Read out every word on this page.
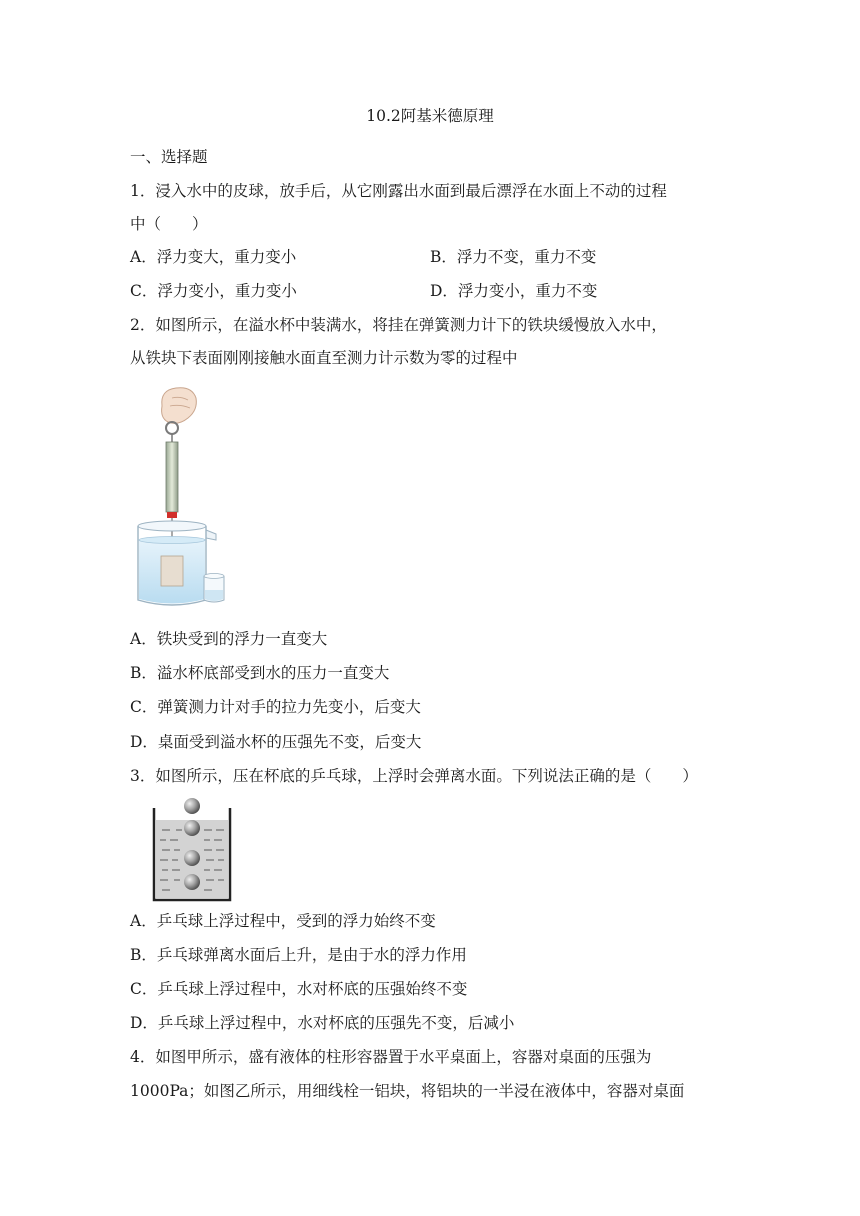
10.2阿基米德原理
一、选择题
1．浸入水中的皮球，放手后，从它刚露出水面到最后漂浮在水面上不动的过程
中（　　）
A．浮力变大，重力变小	B．浮力不变，重力不变
C．浮力变小，重力变小	D．浮力变小，重力不变
2．如图所示，在溢水杯中装满水，将挂在弹簧测力计下的铁块缓慢放入水中，
从铁块下表面刚刚接触水面直至测力计示数为零的过程中
A．铁块受到的浮力一直变大
B．溢水杯底部受到水的压力一直变大
C．弹簧测力计对手的拉力先变小，后变大
D．桌面受到溢水杯的压强先不变，后变大
3．如图所示，压在杯底的乒乓球，上浮时会弹离水面。下列说法正确的是（　　）
A．乒乓球上浮过程中，受到的浮力始终不变
B．乒乓球弹离水面后上升，是由于水的浮力作用
C．乒乓球上浮过程中，水对杯底的压强始终不变
D．乒乓球上浮过程中，水对杯底的压强先不变，后减小
4．如图甲所示，盛有液体的柱形容器置于水平桌面上，容器对桌面的压强为
1000Pa；如图乙所示，用细线栓一铝块，将铝块的一半浸在液体中，容器对桌面
